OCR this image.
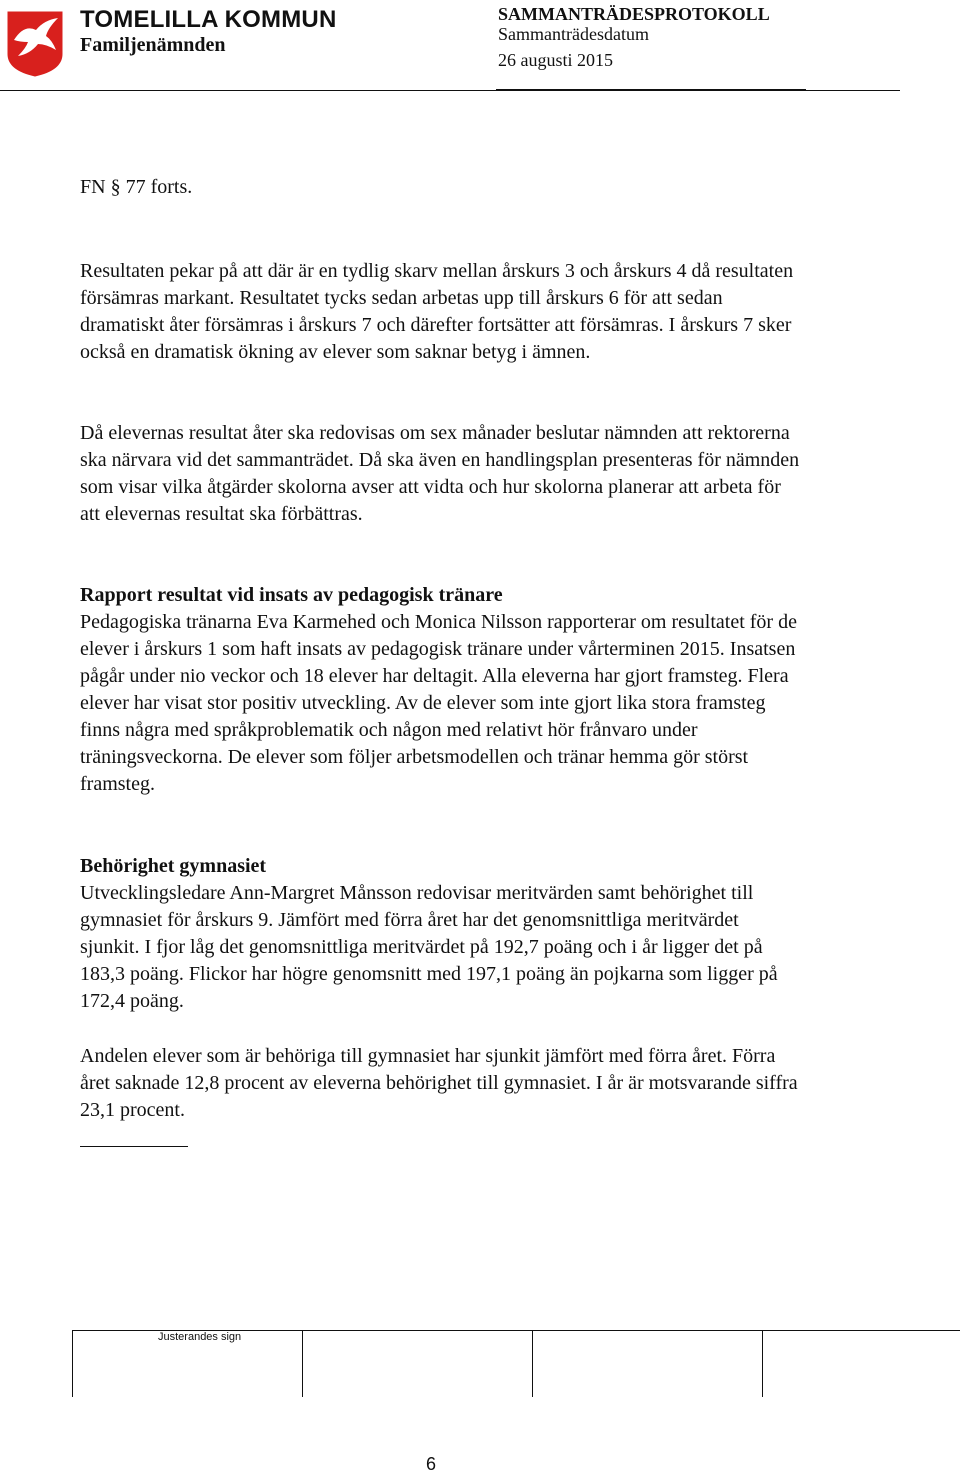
TOMELILLA KOMMUN
Familjenämnden
SAMMANTRÄDESPROTOKOLL
Sammanträdesdatum
26 augusti 2015
FN § 77 forts.

Resultaten pekar på att där är en tydlig skarv mellan årskurs 3 och årskurs 4 då resultaten försämras markant. Resultatet tycks sedan arbetas upp till årskurs 6 för att sedan dramatiskt åter försämras i årskurs 7 och därefter fortsätter att försämras. I årskurs 7 sker också en dramatisk ökning av elever som saknar betyg i ämnen.

Då elevernas resultat åter ska redovisas om sex månader beslutar nämnden att rektorerna ska närvara vid det sammanträdet. Då ska även en handlingsplan presenteras för nämnden som visar vilka åtgärder skolorna avser att vidta och hur skolorna planerar att arbeta för att elevernas resultat ska förbättras.

Rapport resultat vid insats av pedagogisk tränare
Pedagogiska tränarna Eva Karmehed och Monica Nilsson rapporterar om resultatet för de elever i årskurs 1 som haft insats av pedagogisk tränare under vårterminen 2015. Insatsen pågår under nio veckor och 18 elever har deltagit. Alla eleverna har gjort framsteg. Flera elever har visat stor positiv utveckling. Av de elever som inte gjort lika stora framsteg finns några med språkproblematik och någon med relativt hör frånvaro under träningsveckorna. De elever som följer arbetsmodellen och tränar hemma gör störst framsteg.
Behörighet gymnasiet
Utvecklingsledare Ann-Margret Månsson redovisar meritvärden samt behörighet till gymnasiet för årskurs 9. Jämfört med förra året har det genomsnittliga meritvärdet sjunkit. I fjor låg det genomsnittliga meritvärdet på 192,7 poäng och i år ligger det på 183,3 poäng. Flickor har högre genomsnitt med 197,1 poäng än pojkarna som ligger på 172,4 poäng.

Andelen elever som är behöriga till gymnasiet har sjunkit jämfört med förra året. Förra året saknade 12,8 procent av eleverna behörighet till gymnasiet. I år är motsvarande siffra 23,1 procent.

Justerandes sign
6
